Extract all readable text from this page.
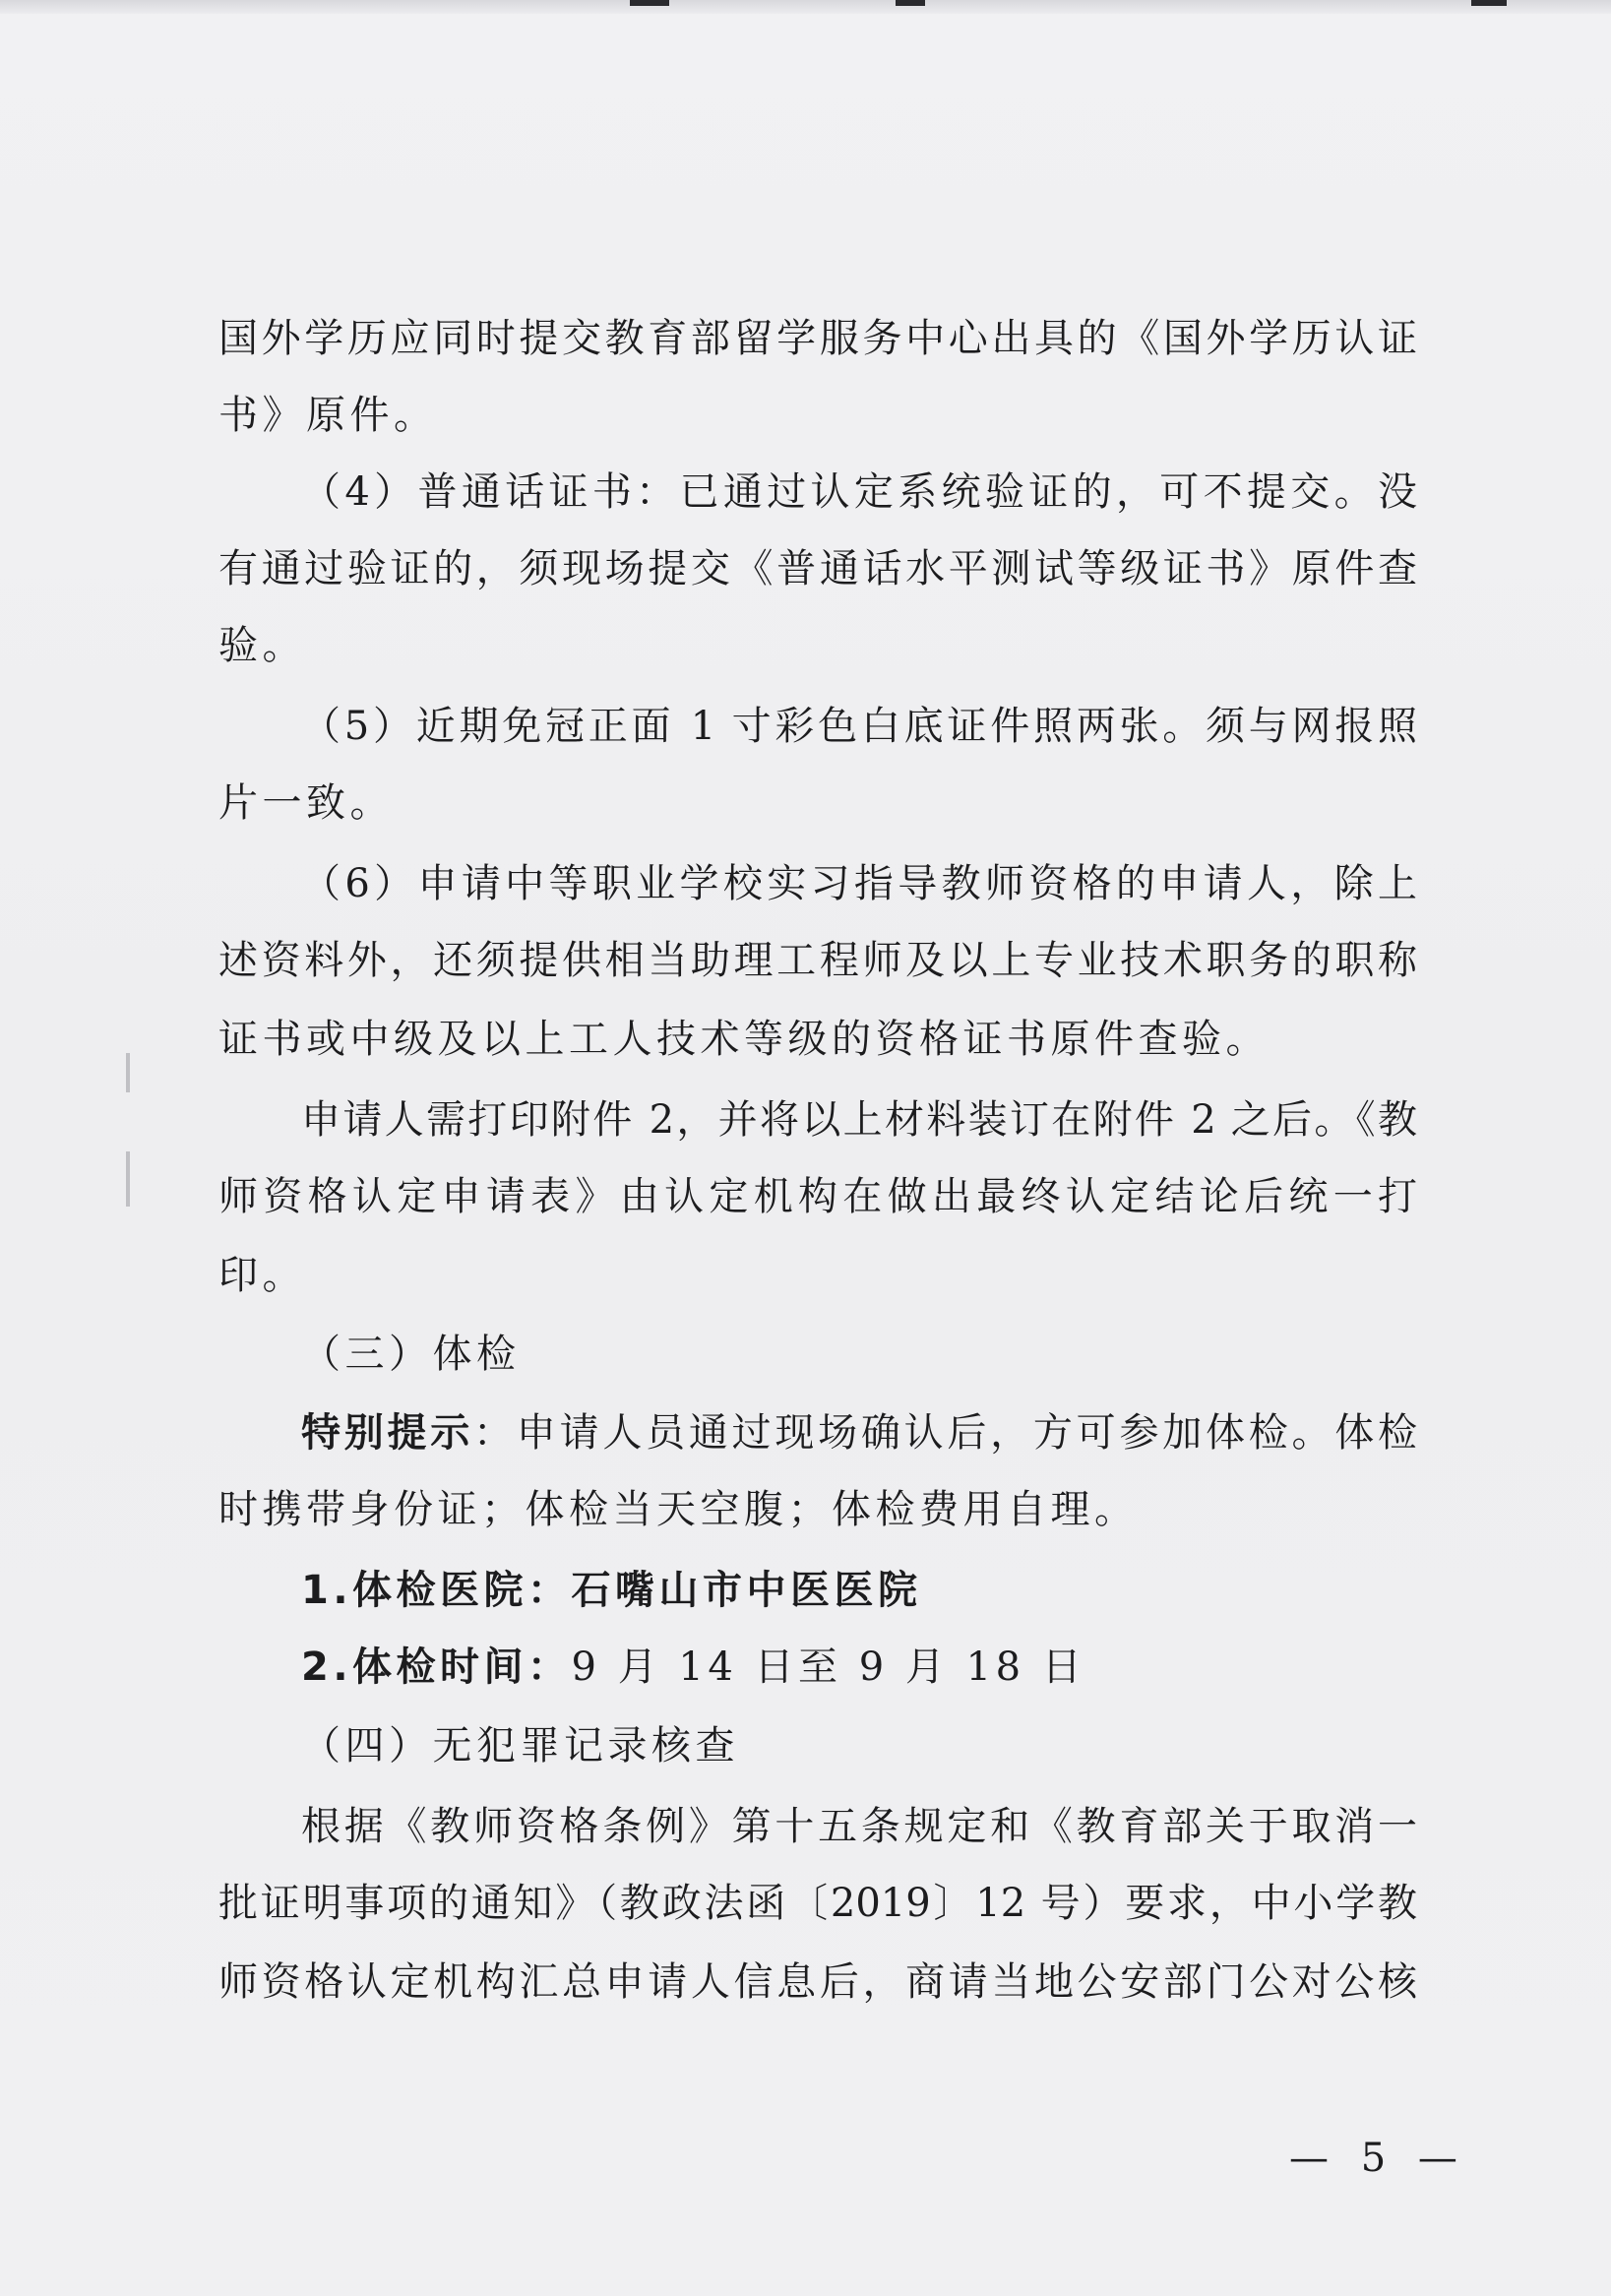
国外学历应同时提交教育部留学服务中心出具的《国外学历认证
书》原件。
（4）普通话证书：已通过认定系统验证的，可不提交。没
有通过验证的，须现场提交《普通话水平测试等级证书》原件查
验。
（5）近期免冠正面 1 寸彩色白底证件照两张。须与网报照
片一致。
（6）申请中等职业学校实习指导教师资格的申请人，除上
述资料外，还须提供相当助理工程师及以上专业技术职务的职称
证书或中级及以上工人技术等级的资格证书原件查验。
申请人需打印附件 2，并将以上材料装订在附件 2 之后。《教
师资格认定申请表》由认定机构在做出最终认定结论后统一打
印。
（三）体检
特别提示：申请人员通过现场确认后，方可参加体检。体检
时携带身份证；体检当天空腹；体检费用自理。
1.体检医院：石嘴山市中医医院
2.体检时间：9 月 14 日至 9 月 18 日
（四）无犯罪记录核查
根据《教师资格条例》第十五条规定和《教育部关于取消一
批证明事项的通知》（教政法函〔2019〕12 号）要求，中小学教
师资格认定机构汇总申请人信息后，商请当地公安部门公对公核
— 5 —
